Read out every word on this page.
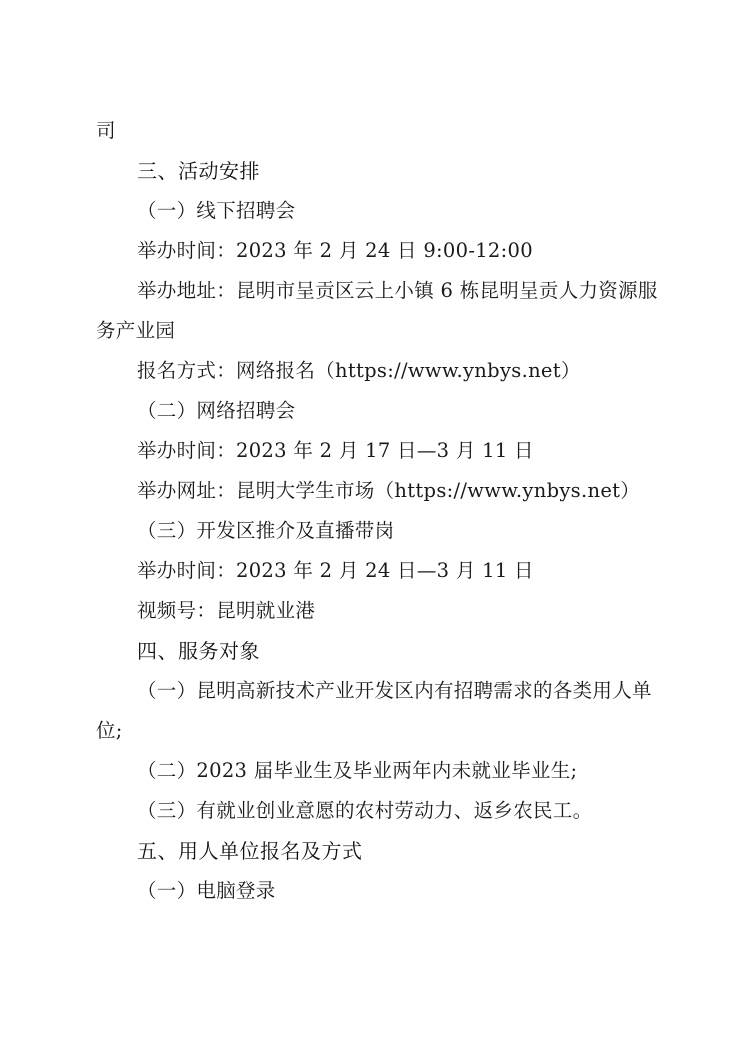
司
三、活动安排
（一）线下招聘会
举办时间：2023 年 2 月 24 日 9:00-12:00
举办地址：昆明市呈贡区云上小镇 6 栋昆明呈贡人力资源服
务产业园
报名方式：网络报名（https://www.ynbys.net）
（二）网络招聘会
举办时间：2023 年 2 月 17 日—3 月 11 日
举办网址：昆明大学生市场（https://www.ynbys.net）
（三）开发区推介及直播带岗
举办时间：2023 年 2 月 24 日—3 月 11 日
视频号：昆明就业港
四、服务对象
（一）昆明高新技术产业开发区内有招聘需求的各类用人单
位;
（二）2023 届毕业生及毕业两年内未就业毕业生;
（三）有就业创业意愿的农村劳动力、返乡农民工。
五、用人单位报名及方式
（一）电脑登录
